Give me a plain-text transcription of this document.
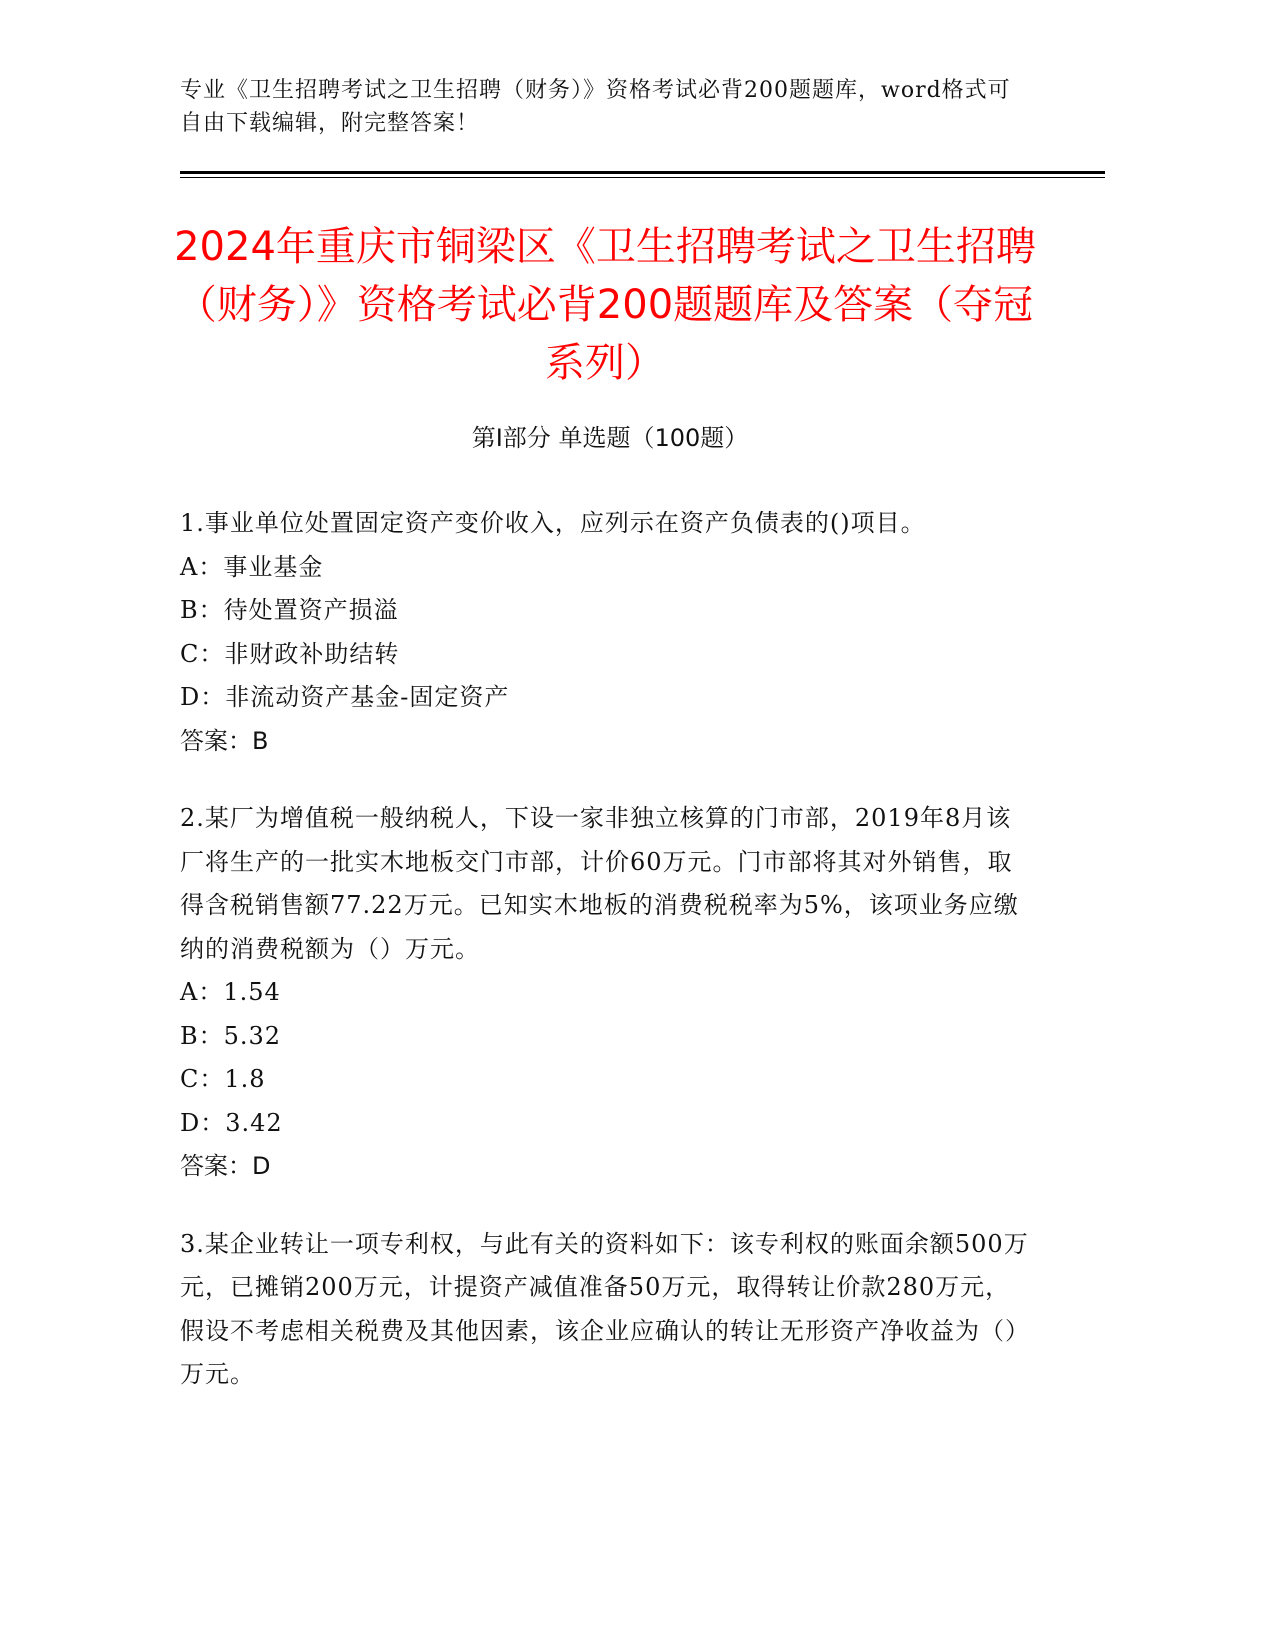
专业《卫生招聘考试之卫生招聘（财务）》资格考试必背200题题库，word格式可自由下载编辑，附完整答案！
2024年重庆市铜梁区《卫生招聘考试之卫生招聘（财务）》资格考试必背200题题库及答案（夺冠系列）
第I部分 单选题（100题）

1.事业单位处置固定资产变价收入，应列示在资产负债表的()项目。

A：事业基金
B：待处置资产损溢
C：非财政补助结转
D：非流动资产基金-固定资产

答案：B

2.某厂为增值税一般纳税人，下设一家非独立核算的门市部，2019年8月该厂将生产的一批实木地板交门市部，计价60万元。门市部将其对外销售，取得含税销售额77.22万元。已知实木地板的消费税税率为5%，该项业务应缴纳的消费税额为（）万元。

A：1.54
B：5.32
C：1.8
D：3.42

答案：D

3.某企业转让一项专利权，与此有关的资料如下：该专利权的账面余额500万元，已摊销200万元，计提资产减值准备50万元，取得转让价款280万元，假设不考虑相关税费及其他因素，该企业应确认的转让无形资产净收益为（）万元。
